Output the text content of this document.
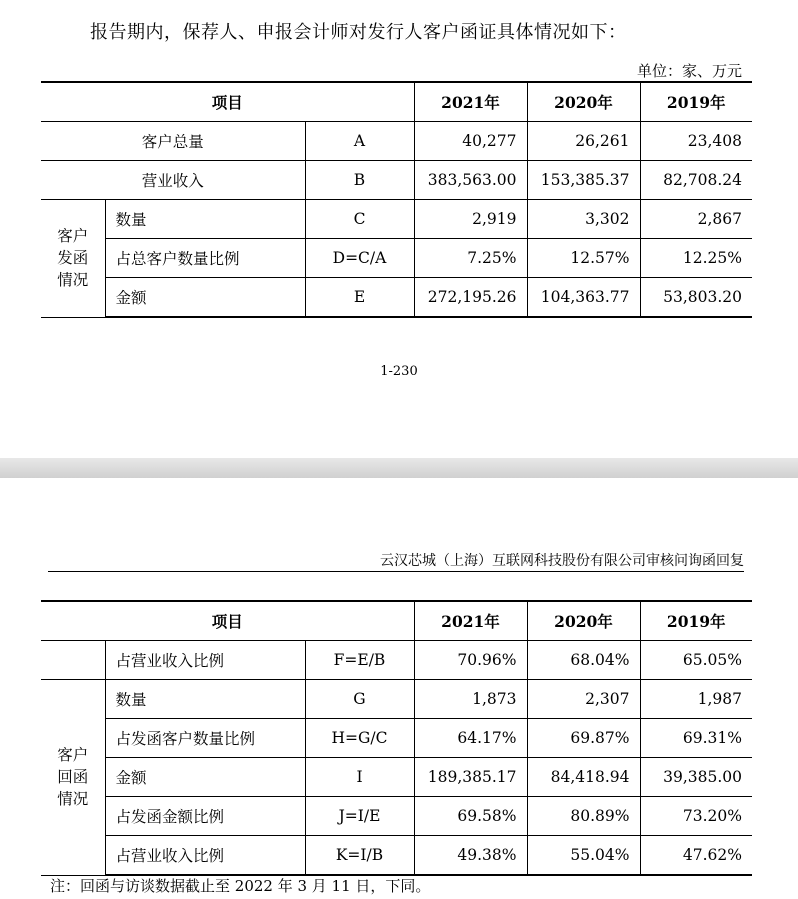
报告期内，保荐人、申报会计师对发行人客户函证具体情况如下：

单位：家、万元
项目			2021年	2020年	2019年
客户总量		A	40,277	26,261	23,408
营业收入		B	383,563.00	153,385.37	82,708.24
客户发函情况	数量	C	2,919	3,302	2,867
	占总客户数量比例	D=C/A	7.25%	12.57%	12.25%
	金额	E	272,195.26	104,363.77	53,803.20
1-230
云汉芯城（上海）互联网科技股份有限公司审核问询函回复
项目			2021年	2020年	2019年
	占营业收入比例	F=E/B	70.96%	68.04%	65.05%
客户回函情况	数量	G	1,873	2,307	1,987
	占发函客户数量比例	H=G/C	64.17%	69.87%	69.31%
	金额	I	189,385.17	84,418.94	39,385.00
	占发函金额比例	J=I/E	69.58%	80.89%	73.20%
	占营业收入比例	K=I/B	49.38%	55.04%	47.62%
注：回函与访谈数据截止至 2022 年 3 月 11 日，下同。
